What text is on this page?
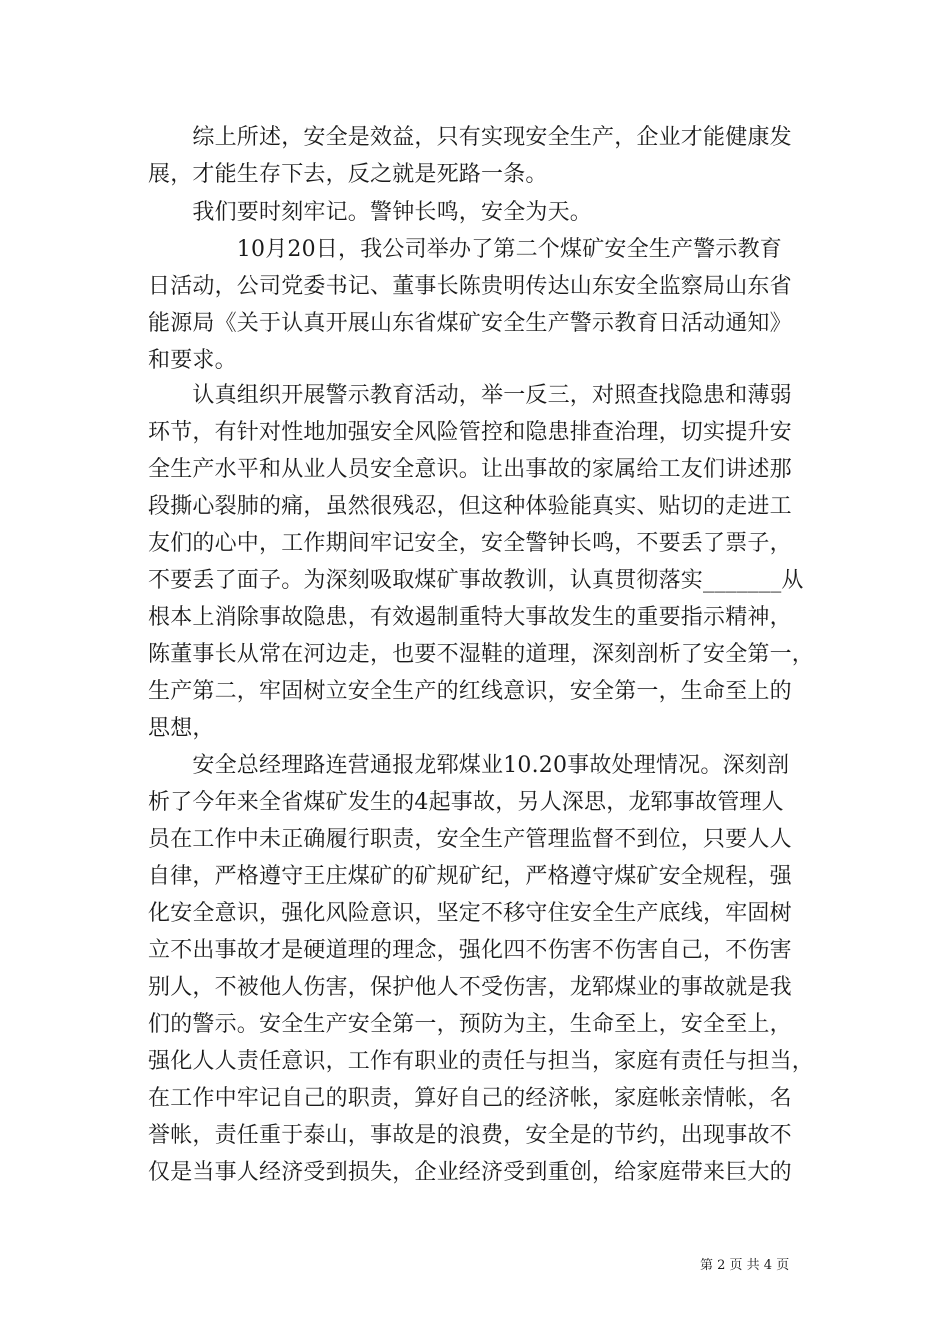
　　综上所述，安全是效益，只有实现安全生产，企业才能健康发
展，才能生存下去，反之就是死路一条。
　　我们要时刻牢记。警钟长鸣，安全为天。
　　　　10月20日，我公司举办了第二个煤矿安全生产警示教育
日活动，公司党委书记、董事长陈贵明传达山东安全监察局山东省
能源局《关于认真开展山东省煤矿安全生产警示教育日活动通知》
和要求。
　　认真组织开展警示教育活动，举一反三，对照查找隐患和薄弱
环节，有针对性地加强安全风险管控和隐患排查治理，切实提升安
全生产水平和从业人员安全意识。让出事故的家属给工友们讲述那
段撕心裂肺的痛，虽然很残忍，但这种体验能真实、贴切的走进工
友们的心中，工作期间牢记安全，安全警钟长鸣，不要丢了票子，
不要丢了面子。为深刻吸取煤矿事故教训，认真贯彻落实_______从
根本上消除事故隐患，有效遏制重特大事故发生的重要指示精神，
陈董事长从常在河边走，也要不湿鞋的道理，深刻剖析了安全第一，
生产第二，牢固树立安全生产的红线意识，安全第一，生命至上的
思想，
　　安全总经理路连营通报龙郓煤业10.20事故处理情况。深刻剖
析了今年来全省煤矿发生的4起事故，另人深思，龙郓事故管理人
员在工作中未正确履行职责，安全生产管理监督不到位，只要人人
自律，严格遵守王庄煤矿的矿规矿纪，严格遵守煤矿安全规程，强
化安全意识，强化风险意识，坚定不移守住安全生产底线，牢固树
立不出事故才是硬道理的理念，强化四不伤害不伤害自己，不伤害
别人，不被他人伤害，保护他人不受伤害，龙郓煤业的事故就是我
们的警示。安全生产安全第一，预防为主，生命至上，安全至上，
强化人人责任意识，工作有职业的责任与担当，家庭有责任与担当，
在工作中牢记自己的职责，算好自己的经济帐，家庭帐亲情帐，名
誉帐，责任重于泰山，事故是的浪费，安全是的节约，出现事故不
仅是当事人经济受到损失，企业经济受到重创，给家庭带来巨大的
第 2 页 共 4 页
